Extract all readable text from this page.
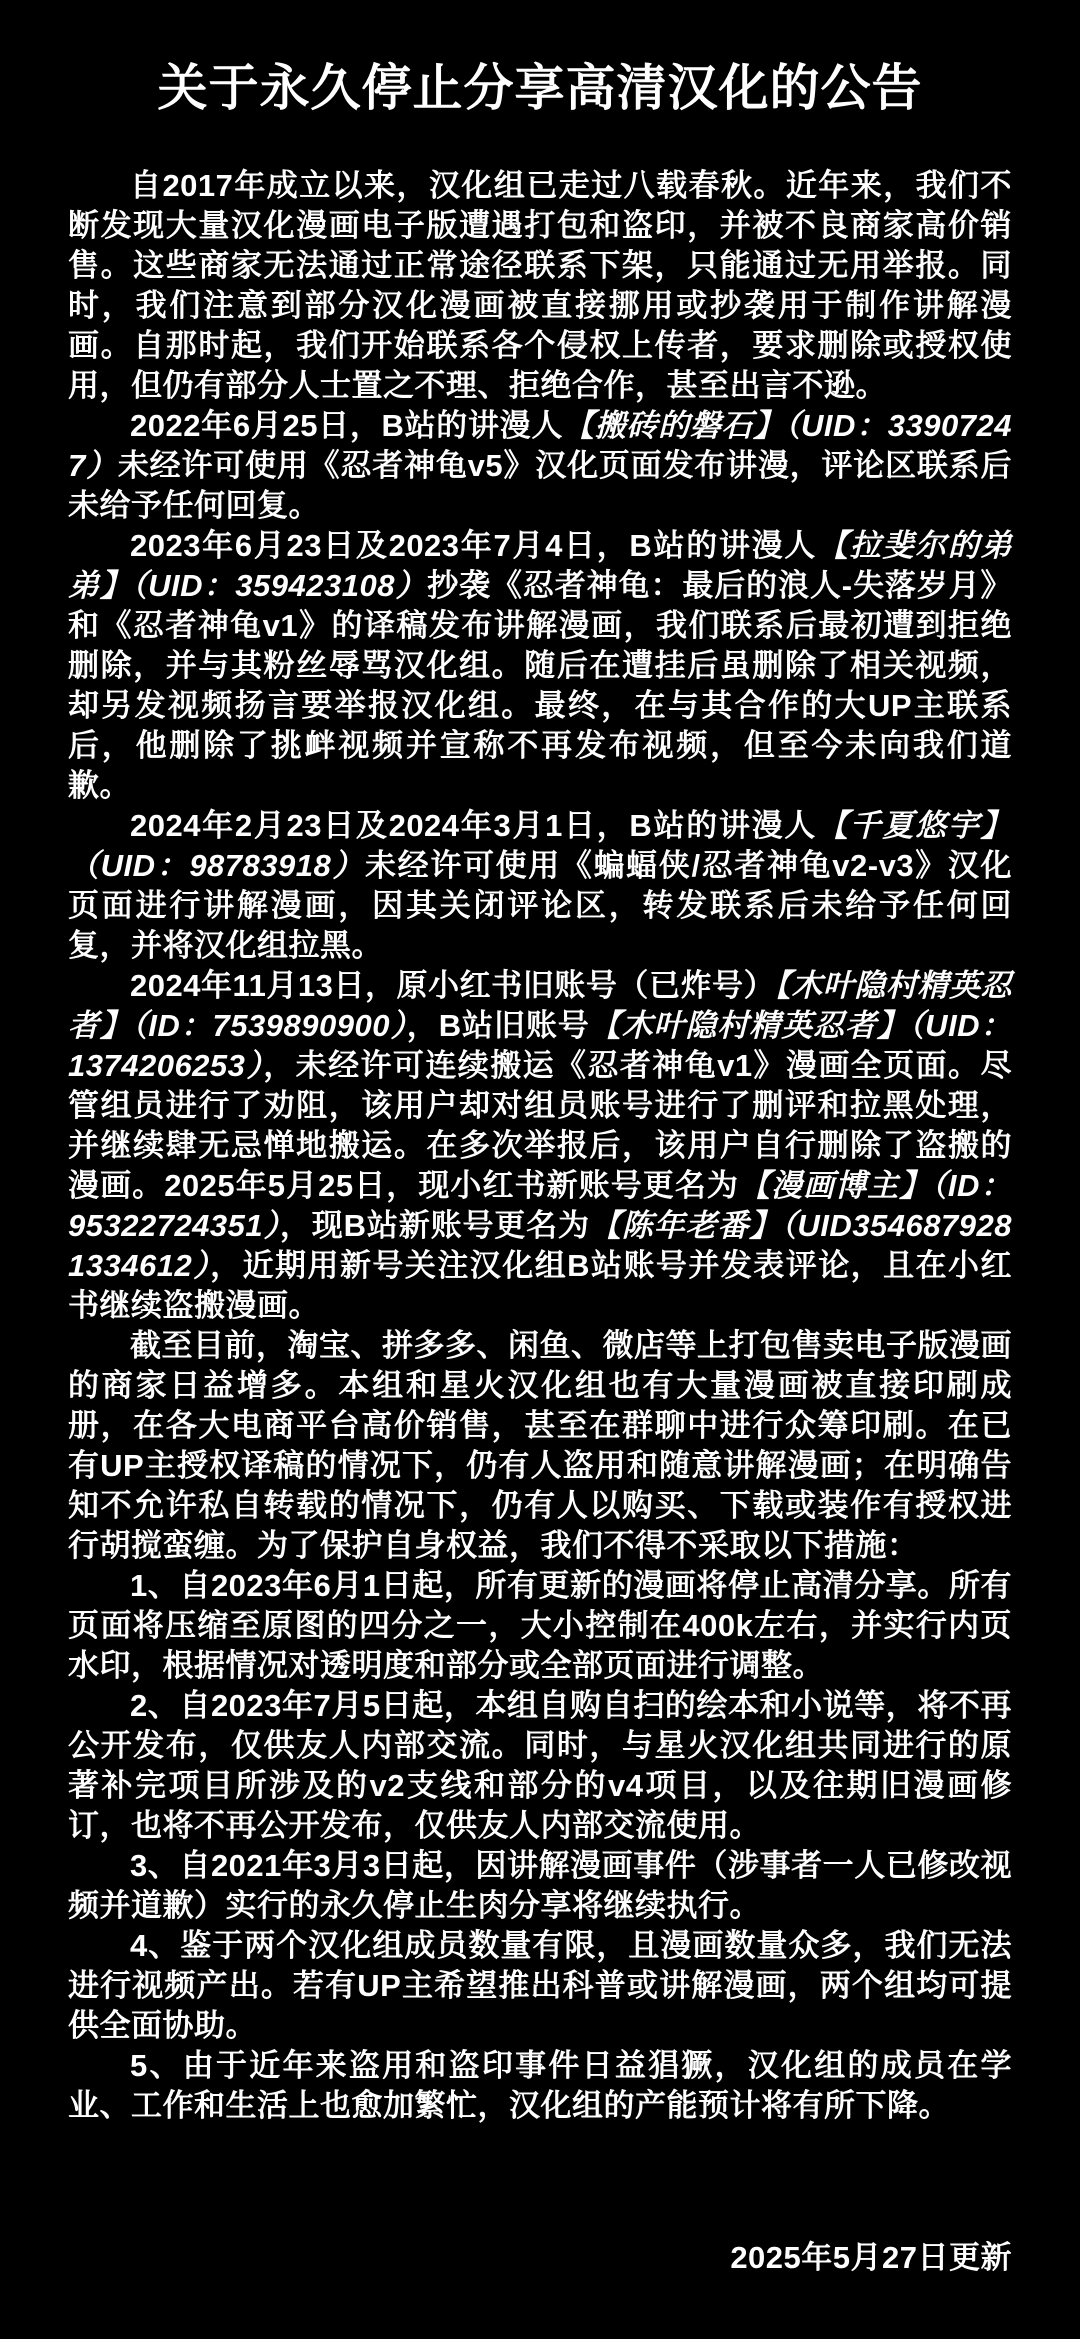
关于永久停止分享高清汉化的公告

自2017年成立以来，汉化组已走过八载春秋。近年来，我们不断发现大量汉化漫画电子版遭遇打包和盗印，并被不良商家高价销售。这些商家无法通过正常途径联系下架，只能通过无用举报。同时，我们注意到部分汉化漫画被直接挪用或抄袭用于制作讲解漫画。自那时起，我们开始联系各个侵权上传者，要求删除或授权使用，但仍有部分人士置之不理、拒绝合作，甚至出言不逊。

2022年6月25日，B站的讲漫人【搬砖的磐石】（UID：33907247）未经许可使用《忍者神龟v5》汉化页面发布讲漫，评论区联系后未给予任何回复。

2023年6月23日及2023年7月4日，B站的讲漫人【拉斐尔的弟弟】（UID：359423108）抄袭《忍者神龟：最后的浪人-失落岁月》和《忍者神龟v1》的译稿发布讲解漫画，我们联系后最初遭到拒绝删除，并与其粉丝辱骂汉化组。随后在遭挂后虽删除了相关视频，却另发视频扬言要举报汉化组。最终，在与其合作的大UP主联系后，他删除了挑衅视频并宣称不再发布视频，但至今未向我们道歉。

2024年2月23日及2024年3月1日，B站的讲漫人【千夏悠宇】（UID：98783918）未经许可使用《蝙蝠侠/忍者神龟v2-v3》汉化页面进行讲解漫画，因其关闭评论区，转发联系后未给予任何回复，并将汉化组拉黑。

2024年11月13日，原小红书旧账号（已炸号）【木叶隐村精英忍者】（ID：7539890900），B站旧账号【木叶隐村精英忍者】（UID：1374206253），未经许可连续搬运《忍者神龟v1》漫画全页面。尽管组员进行了劝阻，该用户却对组员账号进行了删评和拉黑处理，并继续肆无忌惮地搬运。在多次举报后，该用户自行删除了盗搬的漫画。2025年5月25日，现小红书新账号更名为【漫画博主】（ID：95322724351），现B站新账号更名为【陈年老番】（UID3546879281334612），近期用新号关注汉化组B站账号并发表评论，且在小红书继续盗搬漫画。

截至目前，淘宝、拼多多、闲鱼、微店等上打包售卖电子版漫画的商家日益增多。本组和星火汉化组也有大量漫画被直接印刷成册，在各大电商平台高价销售，甚至在群聊中进行众筹印刷。在已有UP主授权译稿的情况下，仍有人盗用和随意讲解漫画；在明确告知不允许私自转载的情况下，仍有人以购买、下载或装作有授权进行胡搅蛮缠。为了保护自身权益，我们不得不采取以下措施：

1、自2023年6月1日起，所有更新的漫画将停止高清分享。所有页面将压缩至原图的四分之一，大小控制在400k左右，并实行内页水印，根据情况对透明度和部分或全部页面进行调整。

2、自2023年7月5日起，本组自购自扫的绘本和小说等，将不再公开发布，仅供友人内部交流。同时，与星火汉化组共同进行的原著补完项目所涉及的v2支线和部分的v4项目，以及往期旧漫画修订，也将不再公开发布，仅供友人内部交流使用。

3、自2021年3月3日起，因讲解漫画事件（涉事者一人已修改视频并道歉）实行的永久停止生肉分享将继续执行。

4、鉴于两个汉化组成员数量有限，且漫画数量众多，我们无法进行视频产出。若有UP主希望推出科普或讲解漫画，两个组均可提供全面协助。

5、由于近年来盗用和盗印事件日益猖獗，汉化组的成员在学业、工作和生活上也愈加繁忙，汉化组的产能预计将有所下降。

2025年5月27日更新
